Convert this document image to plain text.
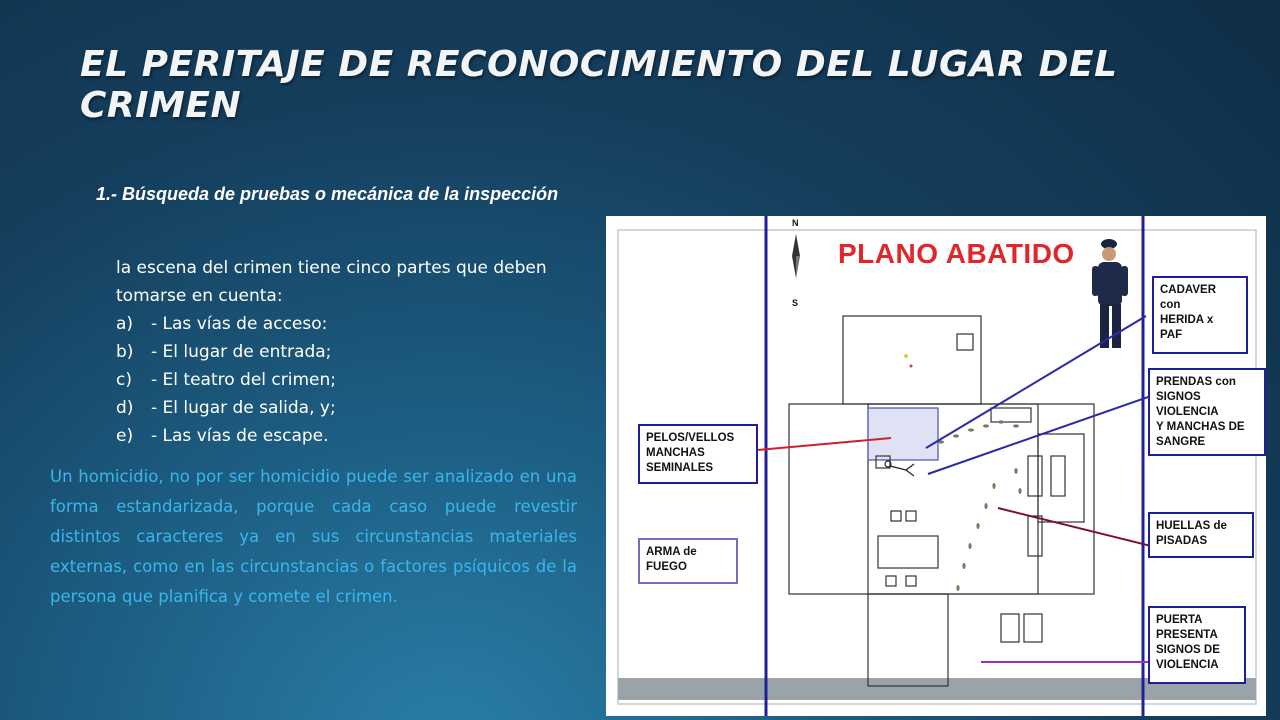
EL PERITAJE DE RECONOCIMIENTO DEL LUGAR DEL CRIMEN
1.- Búsqueda de pruebas o mecánica de la inspección
la escena del crimen tiene cinco partes que deben tomarse en cuenta:
a)	- Las vías de acceso:
b)	- El lugar de entrada;
c)	- El teatro del crimen;
d)	- El lugar de salida, y;
e)	- Las vías de escape.
Un homicidio, no por ser homicidio puede ser analizado en una forma estandarizada, porque cada caso puede revestir distintos caracteres ya en sus circunstancias materiales externas, como en las circunstancias o factores psíquicos de la persona que planifica y comete el crimen.
PLANO ABATIDO
N
S
CADAVER
con
HERIDA x
PAF
PRENDAS con
SIGNOS
VIOLENCIA
Y MANCHAS DE
SANGRE
PELOS/VELLOS
MANCHAS
SEMINALES
ARMA de
FUEGO
HUELLAS de
PISADAS
PUERTA
PRESENTA
SIGNOS DE
VIOLENCIA
